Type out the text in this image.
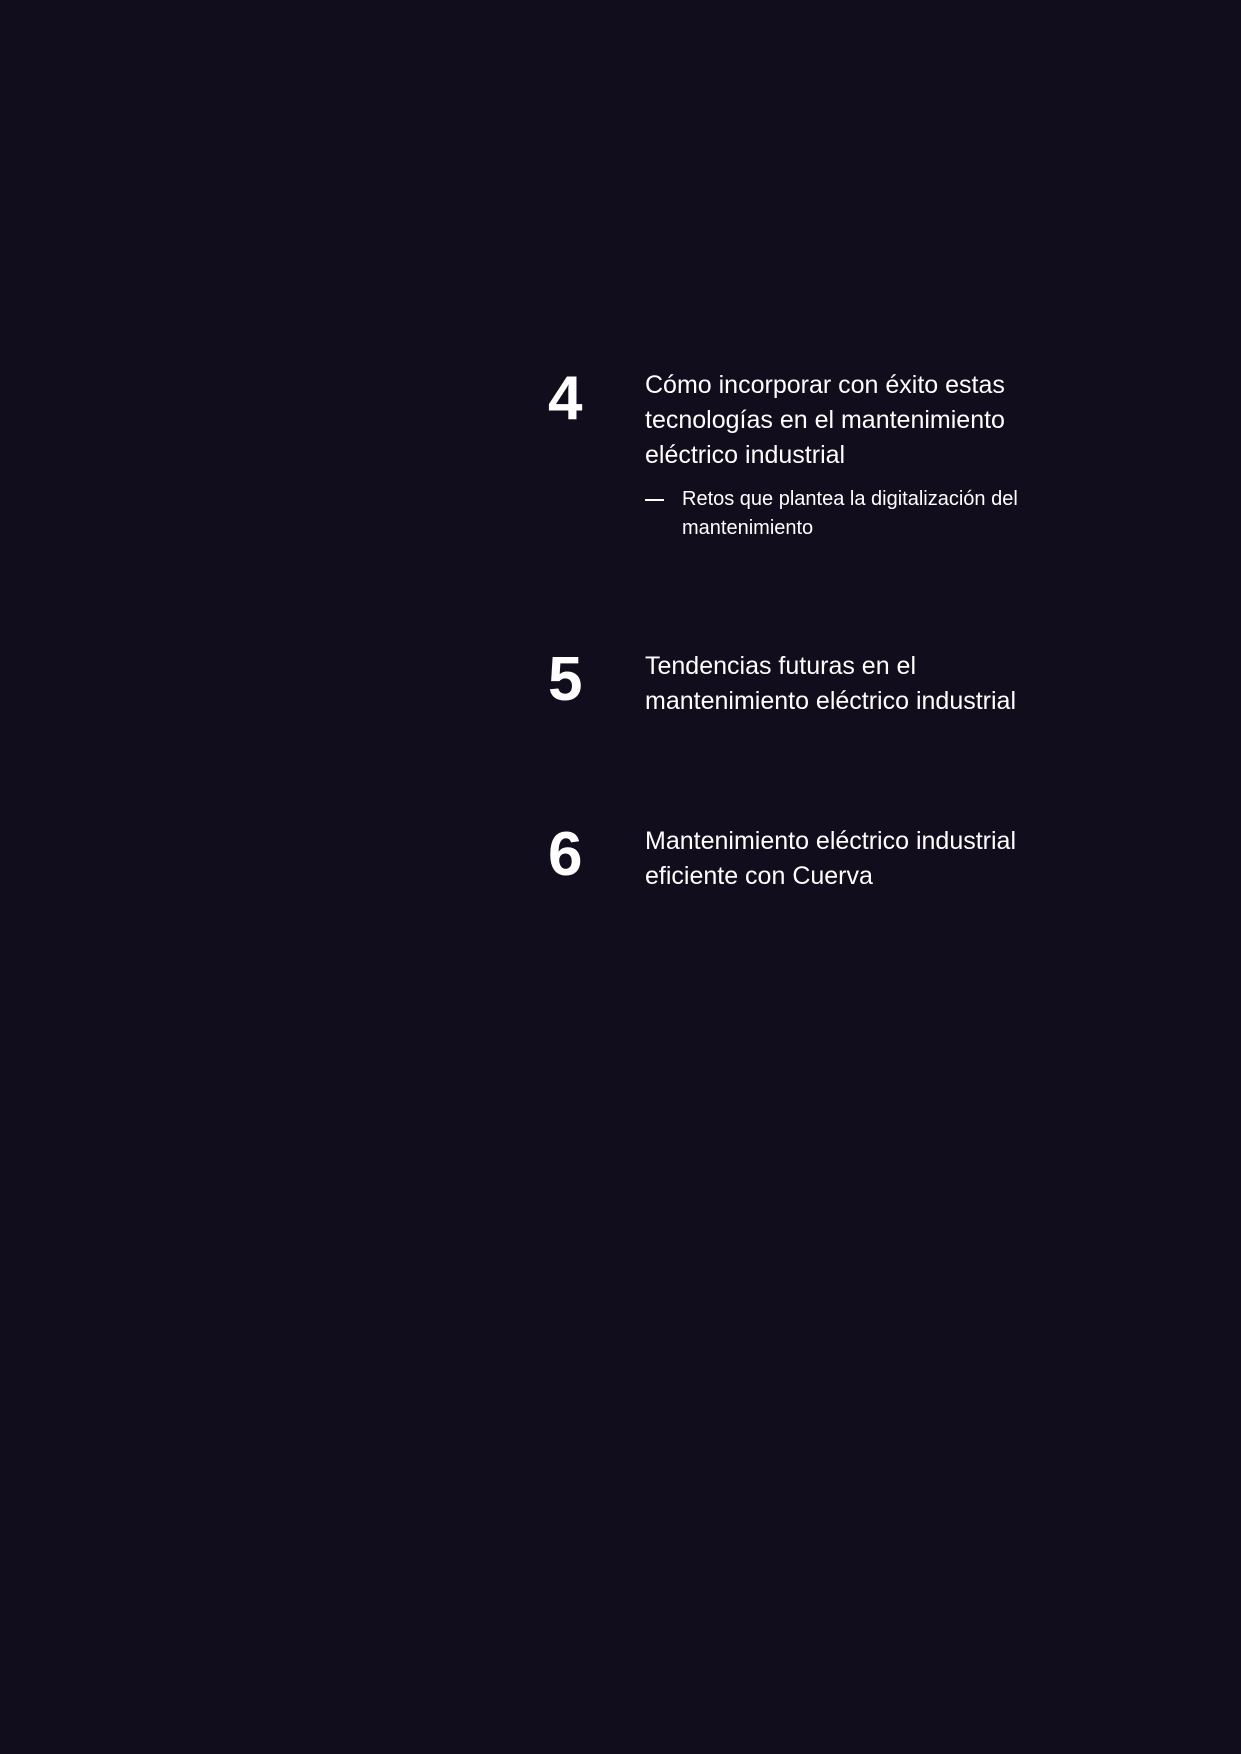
4	Cómo incorporar con éxito estas tecnologías en el mantenimiento eléctrico industrial

Retos que plantea la digitalización del mantenimiento
5	Tendencias futuras en el mantenimiento eléctrico industrial

6	Mantenimiento eléctrico industrial eficiente con Cuerva
